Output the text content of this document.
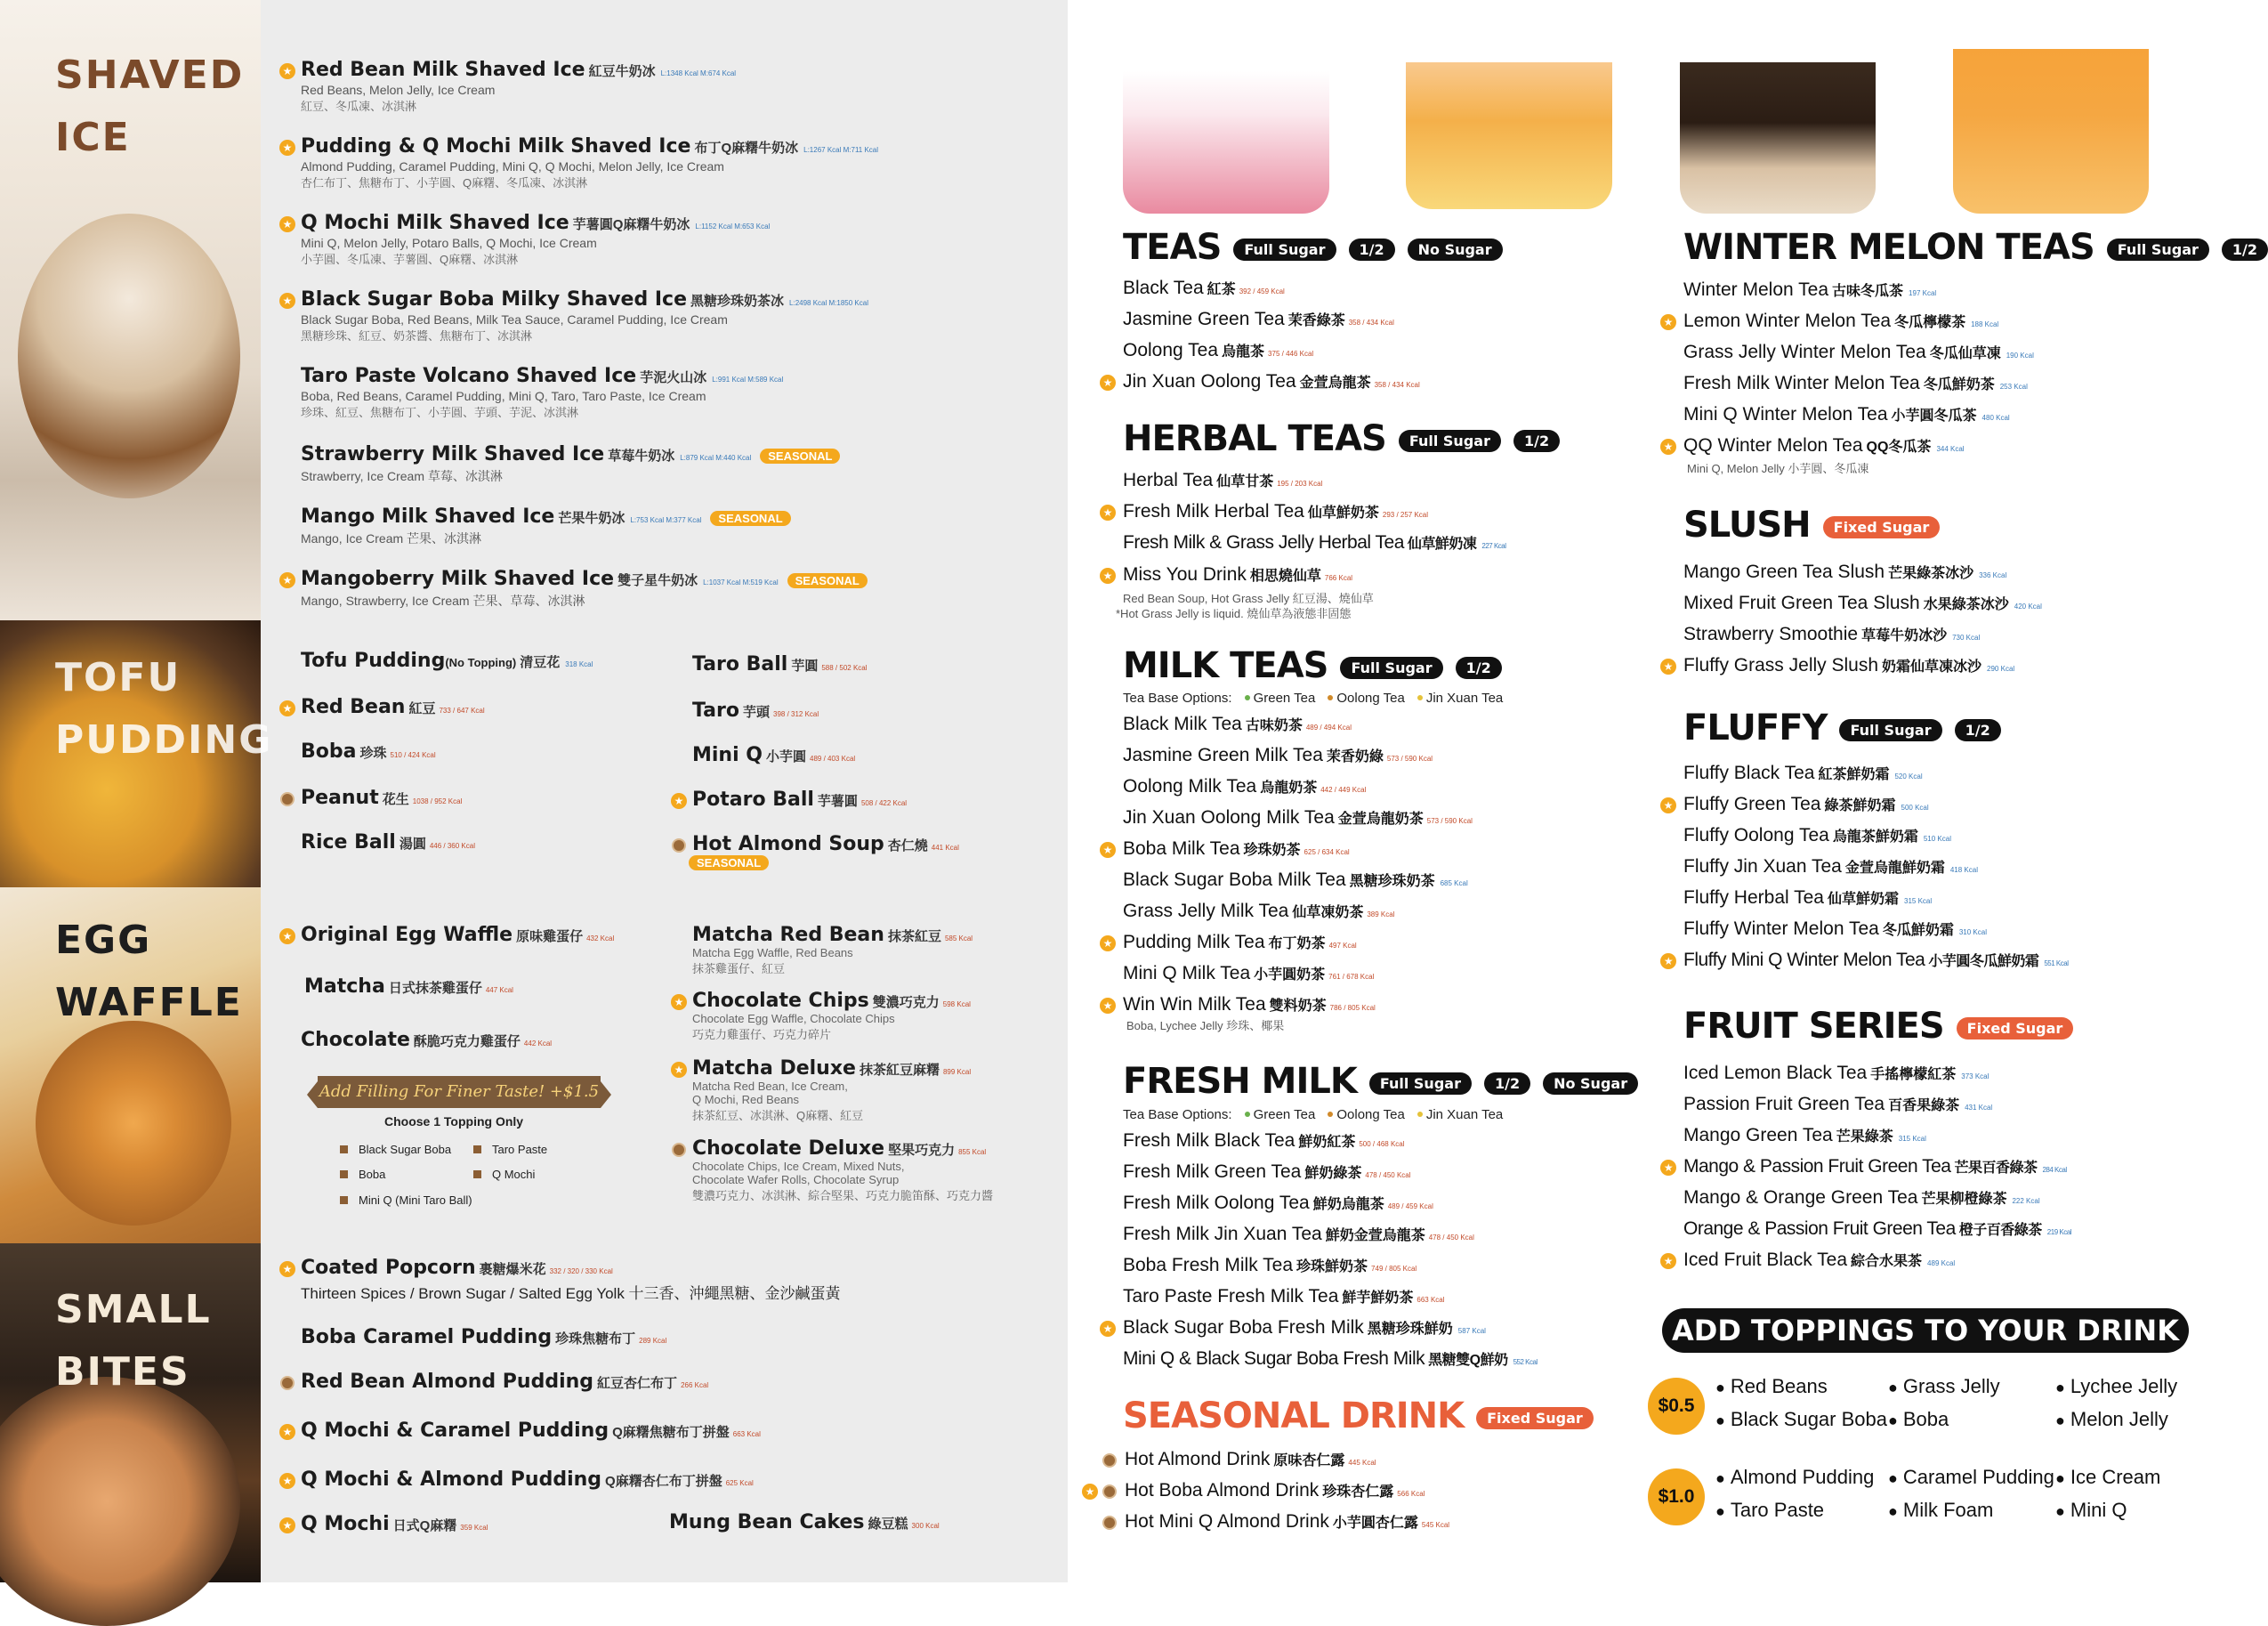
SHAVED
ICE
TOFU
PUDDING
EGG
WAFFLE
SMALL
BITES
★ Red Bean Milk Shaved Ice 紅豆牛奶冰 L:1348 Kcal M:674 Kcal
Red Beans, Melon Jelly, Ice Cream
紅豆、冬瓜凍、冰淇淋
★ Pudding & Q Mochi Milk Shaved Ice 布丁Q麻糬牛奶冰 L:1267 Kcal M:711 Kcal
Almond Pudding, Caramel Pudding, Mini Q, Q Mochi, Melon Jelly, Ice Cream
杏仁布丁、焦糖布丁、小芋圓、Q麻糬、冬瓜凍、冰淇淋
★ Q Mochi Milk Shaved Ice 芋薯圓Q麻糬牛奶冰 L:1152 Kcal M:653 Kcal
Mini Q, Melon Jelly, Potaro Balls, Q Mochi, Ice Cream
小芋圓、冬瓜凍、芋薯圓、Q麻糬、冰淇淋
★ Black Sugar Boba Milky Shaved Ice 黑糖珍珠奶茶冰 L:2498 Kcal M:1850 Kcal
Black Sugar Boba, Red Beans, Milk Tea Sauce, Caramel Pudding, Ice Cream
黑糖珍珠、紅豆、奶茶醬、焦糖布丁、冰淇淋
Taro Paste Volcano Shaved Ice 芋泥火山冰 L:991 Kcal M:589 Kcal
Boba, Red Beans, Caramel Pudding, Mini Q, Taro, Taro Paste, Ice Cream
珍珠、紅豆、焦糖布丁、小芋圓、芋頭、芋泥、冰淇淋
Strawberry Milk Shaved Ice 草莓牛奶冰 L:879 Kcal M:440 Kcal SEASONAL
Strawberry, Ice Cream 草莓、冰淇淋
Mango Milk Shaved Ice 芒果牛奶冰 L:753 Kcal M:377 Kcal SEASONAL
Mango, Ice Cream 芒果、冰淇淋
★ Mangoberry Milk Shaved Ice 雙子星牛奶冰 L:1037 Kcal M:519 Kcal SEASONAL
Mango, Strawberry, Ice Cream 芒果、草莓、冰淇淋
Tofu Pudding(No Topping) 清豆花 318 Kcal
★ Red Bean 紅豆 733 / 647 Kcal
Boba 珍珠 510 / 424 Kcal
Peanut 花生 1038 / 952 Kcal
Rice Ball 湯圓 446 / 360 Kcal
Taro Ball 芋圓 588 / 502 Kcal
Taro 芋頭 398 / 312 Kcal
Mini Q 小芋圓 489 / 403 Kcal
★ Potaro Ball 芋薯圓 508 / 422 Kcal
Hot Almond Soup 杏仁燒 441 Kcal
SEASONAL
★ Original Egg Waffle 原味雞蛋仔 432 Kcal
Matcha 日式抹茶雞蛋仔 447 Kcal
Chocolate 酥脆巧克力雞蛋仔 442 Kcal
Add Filling For Finer Taste! +$1.5
Choose 1 Topping Only
Black Sugar Boba	Taro Paste
Boba	Q Mochi
Mini Q (Mini Taro Ball)
Matcha Red Bean 抹茶紅豆 585 Kcal
Matcha Egg Waffle, Red Beans
抹茶雞蛋仔、紅豆
★ Chocolate Chips 雙濃巧克力 598 Kcal
Chocolate Egg Waffle, Chocolate Chips
巧克力雞蛋仔、巧克力碎片
★ Matcha Deluxe 抹茶紅豆麻糬 899 Kcal
Matcha Red Bean, Ice Cream,
Q Mochi, Red Beans
抹茶紅豆、冰淇淋、Q麻糬、紅豆
Chocolate Deluxe 堅果巧克力 855 Kcal
Chocolate Chips, Ice Cream, Mixed Nuts,
Chocolate Wafer Rolls, Chocolate Syrup
雙濃巧克力、冰淇淋、綜合堅果、巧克力脆笛酥、巧克力醬
★ Coated Popcorn 裹糖爆米花 332 / 320 / 330 Kcal
Thirteen Spices / Brown Sugar / Salted Egg Yolk 十三香、沖繩黑糖、金沙鹹蛋黃
Boba Caramel Pudding 珍珠焦糖布丁 289 Kcal
Red Bean Almond Pudding 紅豆杏仁布丁 266 Kcal
★ Q Mochi & Caramel Pudding Q麻糬焦糖布丁拼盤 663 Kcal
★ Q Mochi & Almond Pudding Q麻糬杏仁布丁拼盤 625 Kcal
★ Q Mochi 日式Q麻糬 359 Kcal	Mung Bean Cakes 綠豆糕 300 Kcal
TEAS Full Sugar 1/2 No Sugar
Black Tea 紅茶 392 / 459 Kcal
Jasmine Green Tea 茉香綠茶 358 / 434 Kcal
Oolong Tea 烏龍茶 375 / 446 Kcal
★ Jin Xuan Oolong Tea 金萱烏龍茶 358 / 434 Kcal
HERBAL TEAS Full Sugar 1/2
Herbal Tea 仙草甘茶 195 / 203 Kcal
★ Fresh Milk Herbal Tea 仙草鮮奶茶 293 / 257 Kcal
Fresh Milk & Grass Jelly Herbal Tea 仙草鮮奶凍 227 Kcal
★ Miss You Drink 相思燒仙草 766 Kcal
Red Bean Soup, Hot Grass Jelly 紅豆湯、燒仙草
*Hot Grass Jelly is liquid. 燒仙草為液態非固態
MILK TEAS Full Sugar 1/2
Tea Base Options: Green Tea Oolong Tea Jin Xuan Tea
Black Milk Tea 古味奶茶 489 / 494 Kcal
Jasmine Green Milk Tea 茉香奶綠 573 / 590 Kcal
Oolong Milk Tea 烏龍奶茶 442 / 449 Kcal
Jin Xuan Oolong Milk Tea 金萱烏龍奶茶 573 / 590 Kcal
★ Boba Milk Tea 珍珠奶茶 625 / 634 Kcal
Black Sugar Boba Milk Tea 黑糖珍珠奶茶 685 Kcal
Grass Jelly Milk Tea 仙草凍奶茶 389 Kcal
★ Pudding Milk Tea 布丁奶茶 497 Kcal
Mini Q Milk Tea 小芋圓奶茶 761 / 678 Kcal
★ Win Win Milk Tea 雙料奶茶 786 / 805 Kcal
Boba, Lychee Jelly 珍珠、椰果
FRESH MILK Full Sugar 1/2 No Sugar
Tea Base Options: Green Tea Oolong Tea Jin Xuan Tea
Fresh Milk Black Tea 鮮奶紅茶 500 / 468 Kcal
Fresh Milk Green Tea 鮮奶綠茶 478 / 450 Kcal
Fresh Milk Oolong Tea 鮮奶烏龍茶 489 / 459 Kcal
Fresh Milk Jin Xuan Tea 鮮奶金萱烏龍茶 478 / 450 Kcal
Boba Fresh Milk Tea 珍珠鮮奶茶 749 / 805 Kcal
Taro Paste Fresh Milk Tea 鮮芋鮮奶茶 663 Kcal
★ Black Sugar Boba Fresh Milk 黑糖珍珠鮮奶 587 Kcal
Mini Q & Black Sugar Boba Fresh Milk 黑糖雙Q鮮奶 552 Kcal
SEASONAL DRINK Fixed Sugar
Hot Almond Drink 原味杏仁露 445 Kcal
★ Hot Boba Almond Drink 珍珠杏仁露 566 Kcal
Hot Mini Q Almond Drink 小芋圓杏仁露 545 Kcal
WINTER MELON TEAS Full Sugar 1/2
Winter Melon Tea 古味冬瓜茶 197 Kcal
★ Lemon Winter Melon Tea 冬瓜檸檬茶 188 Kcal
Grass Jelly Winter Melon Tea 冬瓜仙草凍 190 Kcal
Fresh Milk Winter Melon Tea 冬瓜鮮奶茶 253 Kcal
Mini Q Winter Melon Tea 小芋圓冬瓜茶 480 Kcal
★ QQ Winter Melon Tea QQ冬瓜茶 344 Kcal
Mini Q, Melon Jelly 小芋圓、冬瓜凍
SLUSH Fixed Sugar
Mango Green Tea Slush 芒果綠茶冰沙 336 Kcal
Mixed Fruit Green Tea Slush 水果綠茶冰沙 420 Kcal
Strawberry Smoothie 草莓牛奶冰沙 730 Kcal
★ Fluffy Grass Jelly Slush 奶霜仙草凍冰沙 290 Kcal
FLUFFY Full Sugar 1/2
Fluffy Black Tea 紅茶鮮奶霜 520 Kcal
★ Fluffy Green Tea 綠茶鮮奶霜 500 Kcal
Fluffy Oolong Tea 烏龍茶鮮奶霜 510 Kcal
Fluffy Jin Xuan Tea 金萱烏龍鮮奶霜 418 Kcal
Fluffy Herbal Tea 仙草鮮奶霜 315 Kcal
Fluffy Winter Melon Tea 冬瓜鮮奶霜 310 Kcal
★ Fluffy Mini Q Winter Melon Tea 小芋圓冬瓜鮮奶霜 551 Kcal
FRUIT SERIES Fixed Sugar
Iced Lemon Black Tea 手搖檸檬紅茶 373 Kcal
Passion Fruit Green Tea 百香果綠茶 431 Kcal
Mango Green Tea 芒果綠茶 315 Kcal
★ Mango & Passion Fruit Green Tea 芒果百香綠茶 284 Kcal
Mango & Orange Green Tea 芒果柳橙綠茶 222 Kcal
Orange & Passion Fruit Green Tea 橙子百香綠茶 219 Kcal
★ Iced Fruit Black Tea 綜合水果茶 489 Kcal
ADD TOPPINGS TO YOUR DRINK
$0.5
● Red Beans	● Grass Jelly	● Lychee Jelly
● Black Sugar Boba ● Boba	● Melon Jelly
$1.0
● Almond Pudding	● Caramel Pudding ● Ice Cream
● Taro Paste	● Milk Foam	● Mini Q
